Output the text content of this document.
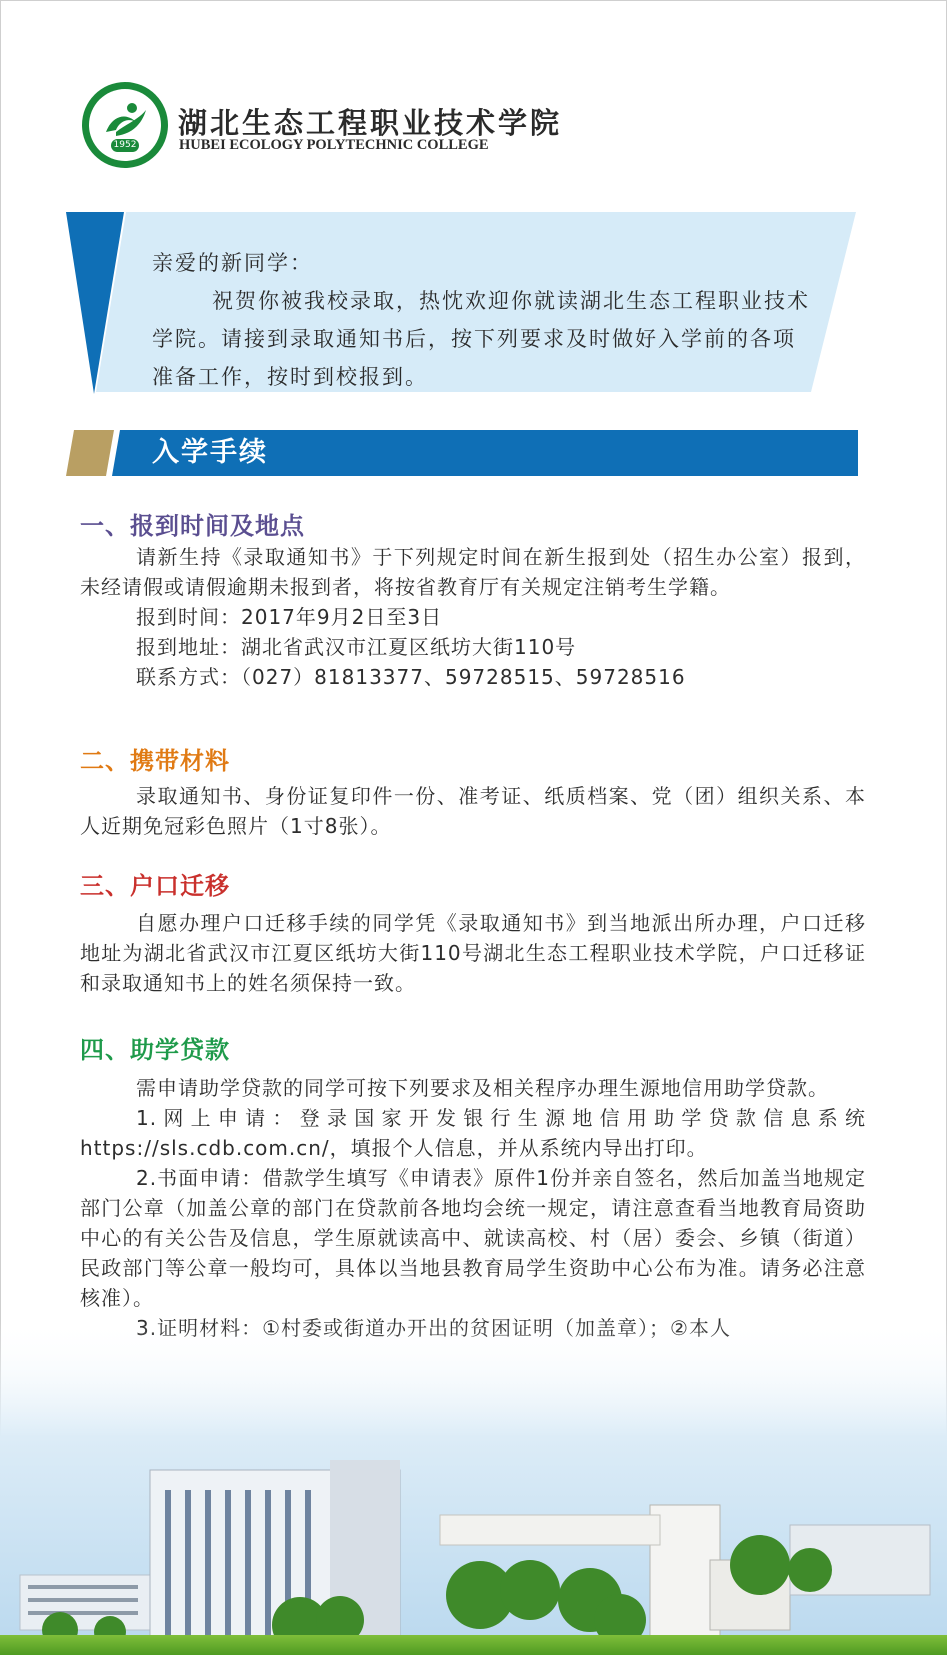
1952
湖北生态工程职业技术学院
HUBEI ECOLOGY POLYTECHNIC COLLEGE

亲爱的新同学：

祝贺你被我校录取，热忱欢迎你就读湖北生态工程职业技术学院。请接到录取通知书后，按下列要求及时做好入学前的各项准备工作，按时到校报到。

入学手续
一、报到时间及地点

请新生持《录取通知书》于下列规定时间在新生报到处（招生办公室）报到，未经请假或请假逾期未报到者，将按省教育厅有关规定注销考生学籍。

报到时间：2017年9月2日至3日

报到地址：湖北省武汉市江夏区纸坊大街110号

联系方式：（027）81813377、59728515、59728516

二、携带材料

录取通知书、身份证复印件一份、准考证、纸质档案、党（团）组织关系、本人近期免冠彩色照片（1寸8张）。

三、户口迁移

自愿办理户口迁移手续的同学凭《录取通知书》到当地派出所办理，户口迁移地址为湖北省武汉市江夏区纸坊大街110号湖北生态工程职业技术学院，户口迁移证和录取通知书上的姓名须保持一致。

四、助学贷款

需申请助学贷款的同学可按下列要求及相关程序办理生源地信用助学贷款。

1.网上申请：登录国家开发银行生源地信用助学贷款信息系统https://sls.cdb.com.cn/，填报个人信息，并从系统内导出打印。

2.书面申请：借款学生填写《申请表》原件1份并亲自签名，然后加盖当地规定部门公章（加盖公章的部门在贷款前各地均会统一规定，请注意查看当地教育局资助中心的有关公告及信息，学生原就读高中、就读高校、村（居）委会、乡镇（街道）民政部门等公章一般均可，具体以当地县教育局学生资助中心公布为准。请务必注意核准）。
